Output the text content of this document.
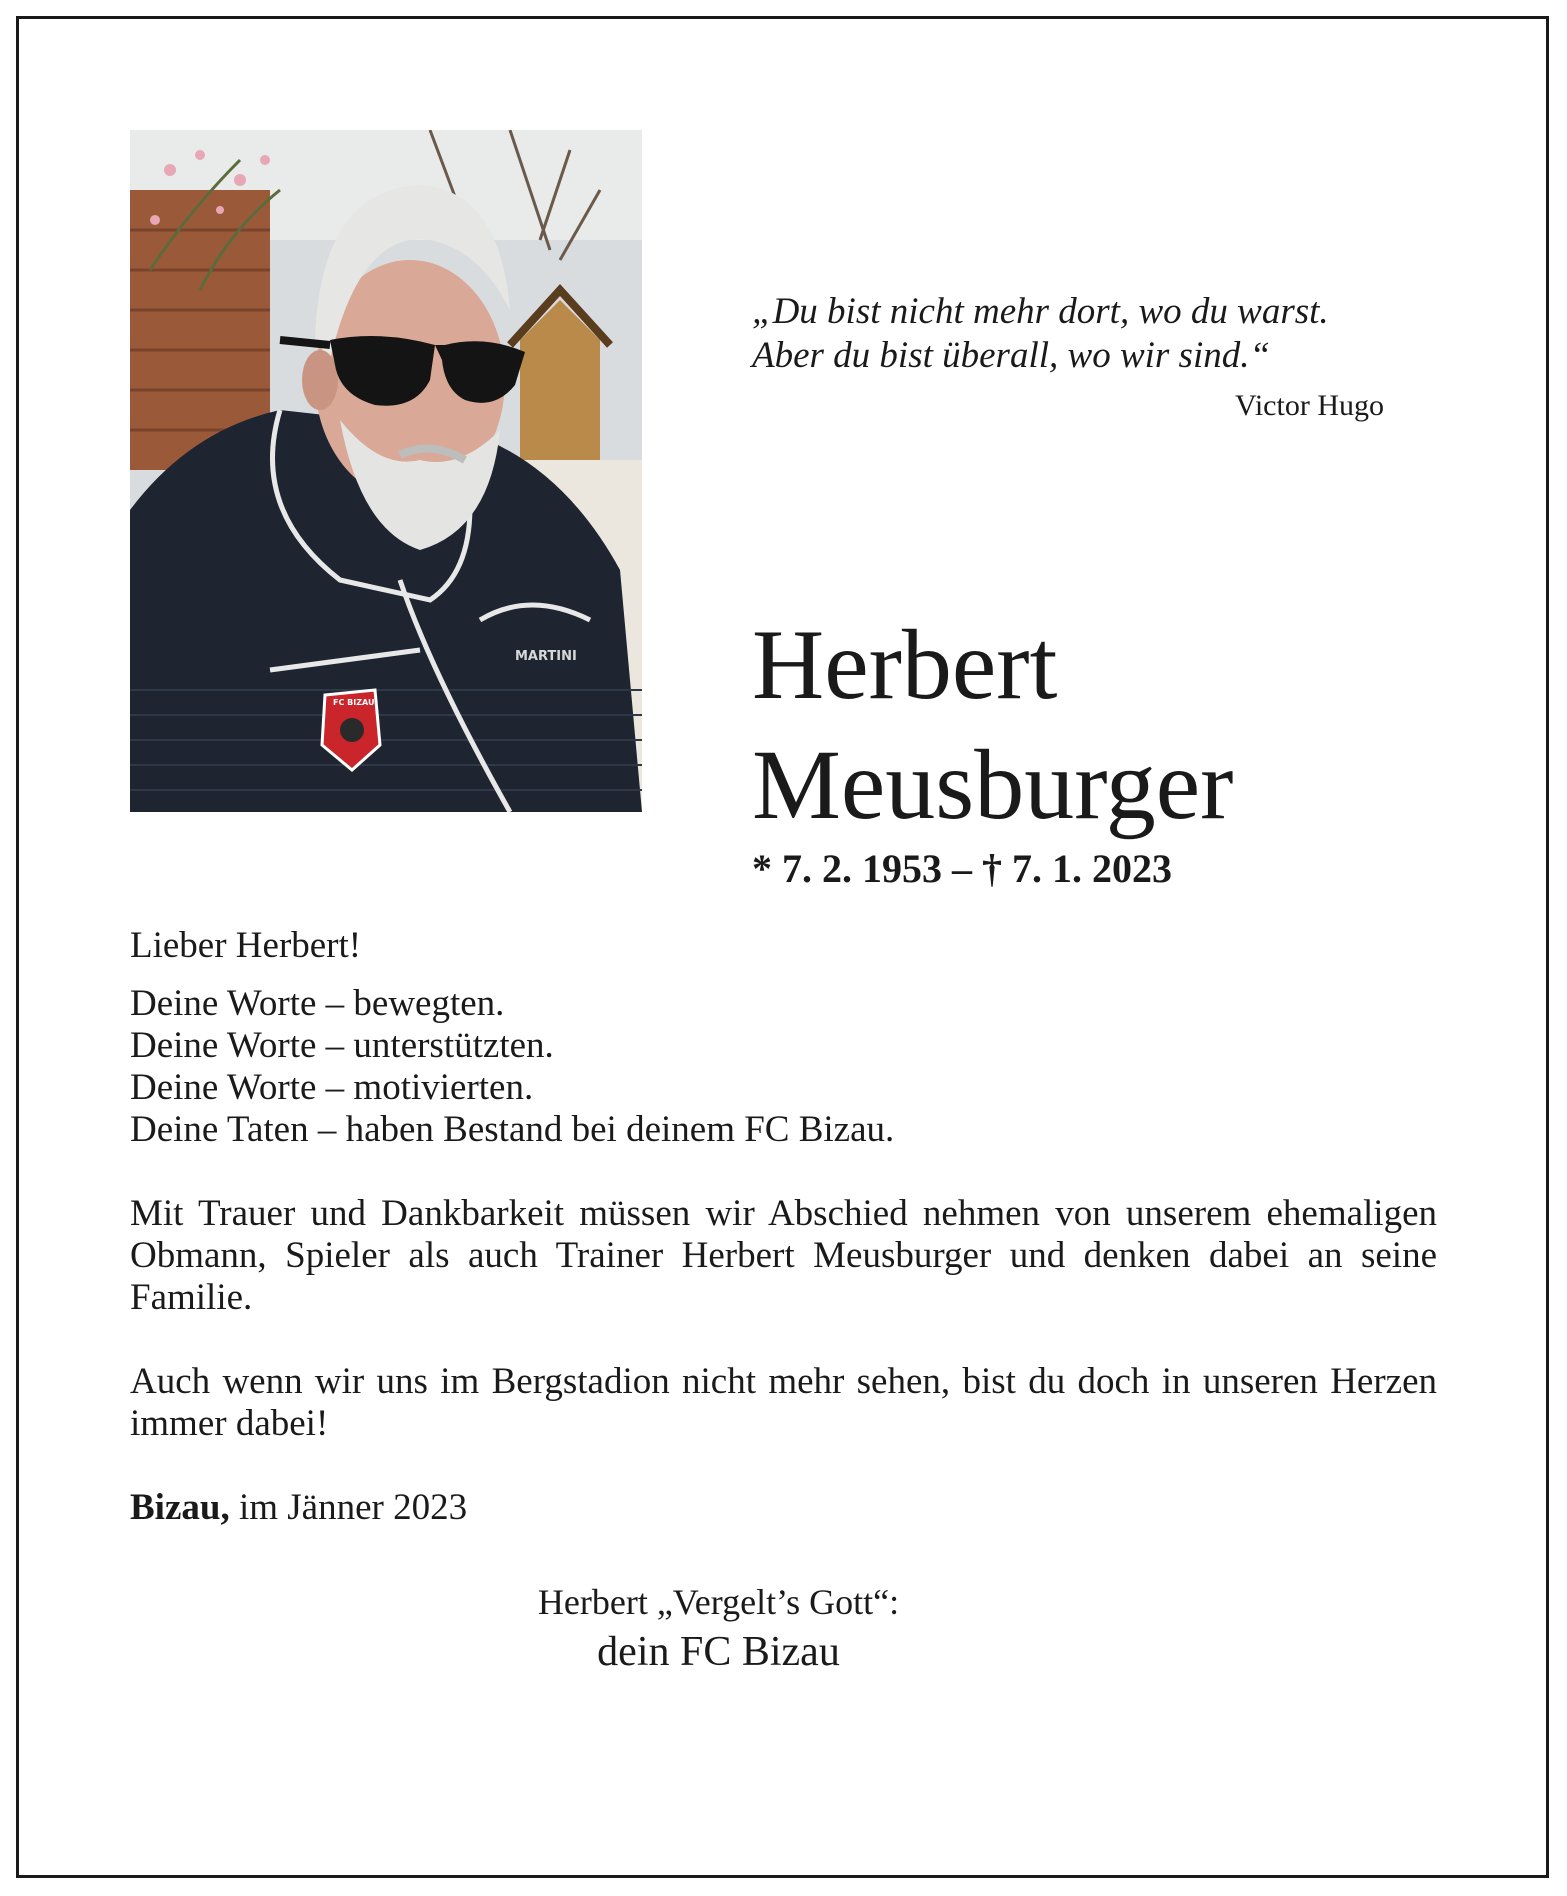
MARTINI
FC BIZAU
„Du bist nicht mehr dort, wo du warst.
Aber du bist überall, wo wir sind.“
Victor Hugo
Herbert
Meusburger
* 7. 2. 1953 – † 7. 1. 2023

Lieber Herbert!

Deine Worte – bewegten.
Deine Worte – unterstützten.
Deine Worte – motivierten.
Deine Taten – haben Bestand bei deinem FC Bizau.

Mit Trauer und Dankbarkeit müssen wir Abschied nehmen von unserem ehemaligen Obmann, Spieler als auch Trainer Herbert Meusburger und denken dabei an seine Familie.

Auch wenn wir uns im Bergstadion nicht mehr sehen, bist du doch in unseren Herzen immer dabei!

Bizau, im Jänner 2023

Herbert „Vergelt’s Gott“:
dein FC Bizau
